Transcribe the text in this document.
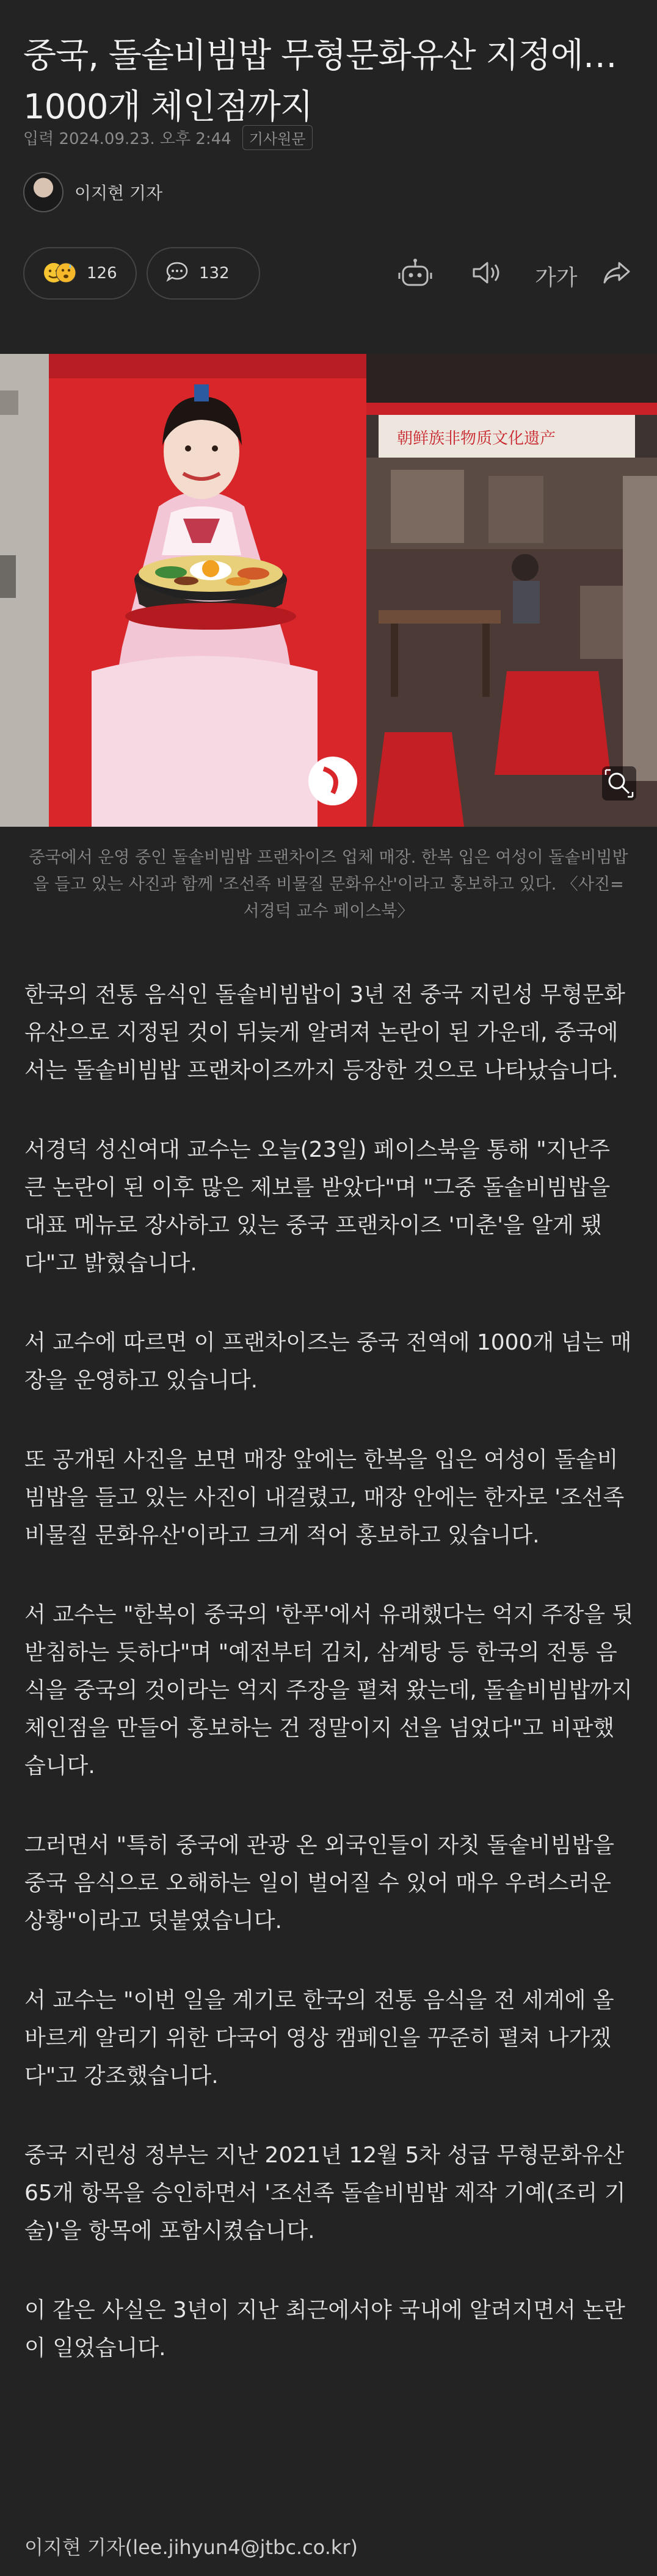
중국, 돌솥비빔밥 무형문화유산 지정에…1000개 체인점까지
입력 2024.09.23. 오후 2:44	기사원문
이지현 기자
126	132	가가
朝鲜族非物质文化遗产
중국에서 운영 중인 돌솥비빔밥 프랜차이즈 업체 매장. 한복 입은 여성이 돌솥비빔밥을 들고 있는 사진과 함께 '조선족 비물질 문화유산'이라고 홍보하고 있다. 〈사진=서경덕 교수 페이스북〉

한국의 전통 음식인 돌솥비빔밥이 3년 전 중국 지린성 무형문화유산으로 지정된 것이 뒤늦게 알려져 논란이 된 가운데, 중국에서는 돌솥비빔밥 프랜차이즈까지 등장한 것으로 나타났습니다.

서경덕 성신여대 교수는 오늘(23일) 페이스북을 통해 "지난주 큰 논란이 된 이후 많은 제보를 받았다"며 "그중 돌솥비빔밥을 대표 메뉴로 장사하고 있는 중국 프랜차이즈 '미춘'을 알게 됐다"고 밝혔습니다.

서 교수에 따르면 이 프랜차이즈는 중국 전역에 1000개 넘는 매장을 운영하고 있습니다.

또 공개된 사진을 보면 매장 앞에는 한복을 입은 여성이 돌솥비빔밥을 들고 있는 사진이 내걸렸고, 매장 안에는 한자로 '조선족 비물질 문화유산'이라고 크게 적어 홍보하고 있습니다.

서 교수는 "한복이 중국의 '한푸'에서 유래했다는 억지 주장을 뒷받침하는 듯하다"며 "예전부터 김치, 삼계탕 등 한국의 전통 음식을 중국의 것이라는 억지 주장을 펼쳐 왔는데, 돌솥비빔밥까지 체인점을 만들어 홍보하는 건 정말이지 선을 넘었다"고 비판했습니다.

그러면서 "특히 중국에 관광 온 외국인들이 자칫 돌솥비빔밥을 중국 음식으로 오해하는 일이 벌어질 수 있어 매우 우려스러운 상황"이라고 덧붙였습니다.

서 교수는 "이번 일을 계기로 한국의 전통 음식을 전 세계에 올바르게 알리기 위한 다국어 영상 캠페인을 꾸준히 펼쳐 나가겠다"고 강조했습니다.

중국 지린성 정부는 지난 2021년 12월 5차 성급 무형문화유산 65개 항목을 승인하면서 '조선족 돌솥비빔밥 제작 기예(조리 기술)'을 항목에 포함시켰습니다.

이 같은 사실은 3년이 지난 최근에서야 국내에 알려지면서 논란이 일었습니다.

이지현 기자(lee.jihyun4@jtbc.co.kr)
